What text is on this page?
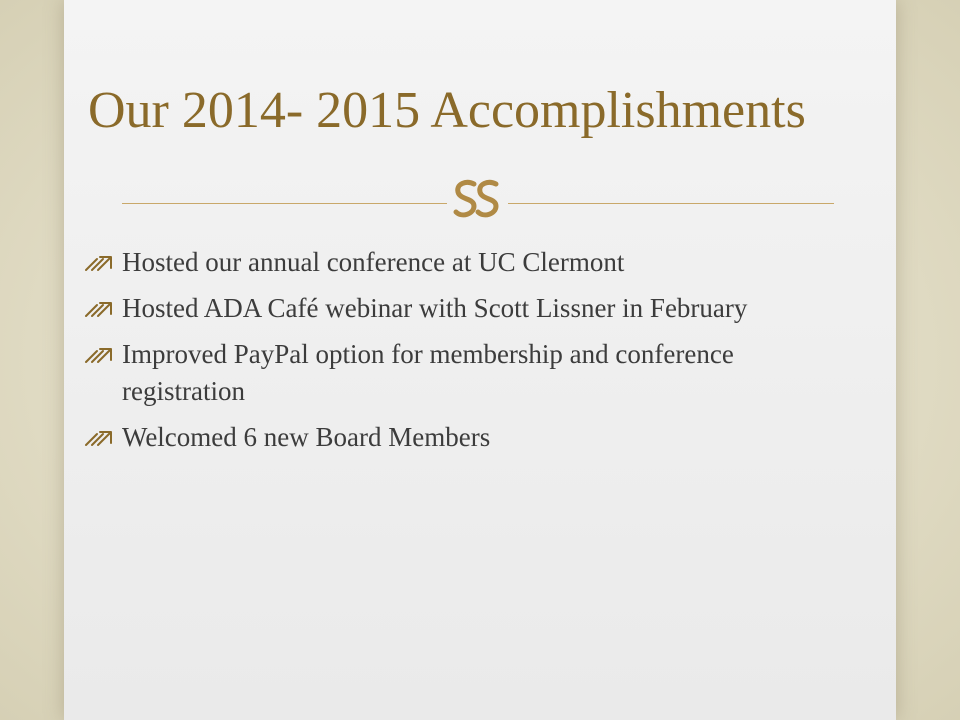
Our 2014- 2015 Accomplishments
Hosted our annual conference at UC Clermont
Hosted ADA Café webinar with Scott Lissner in February
Improved PayPal option for membership and conference registration
Welcomed 6 new Board Members
